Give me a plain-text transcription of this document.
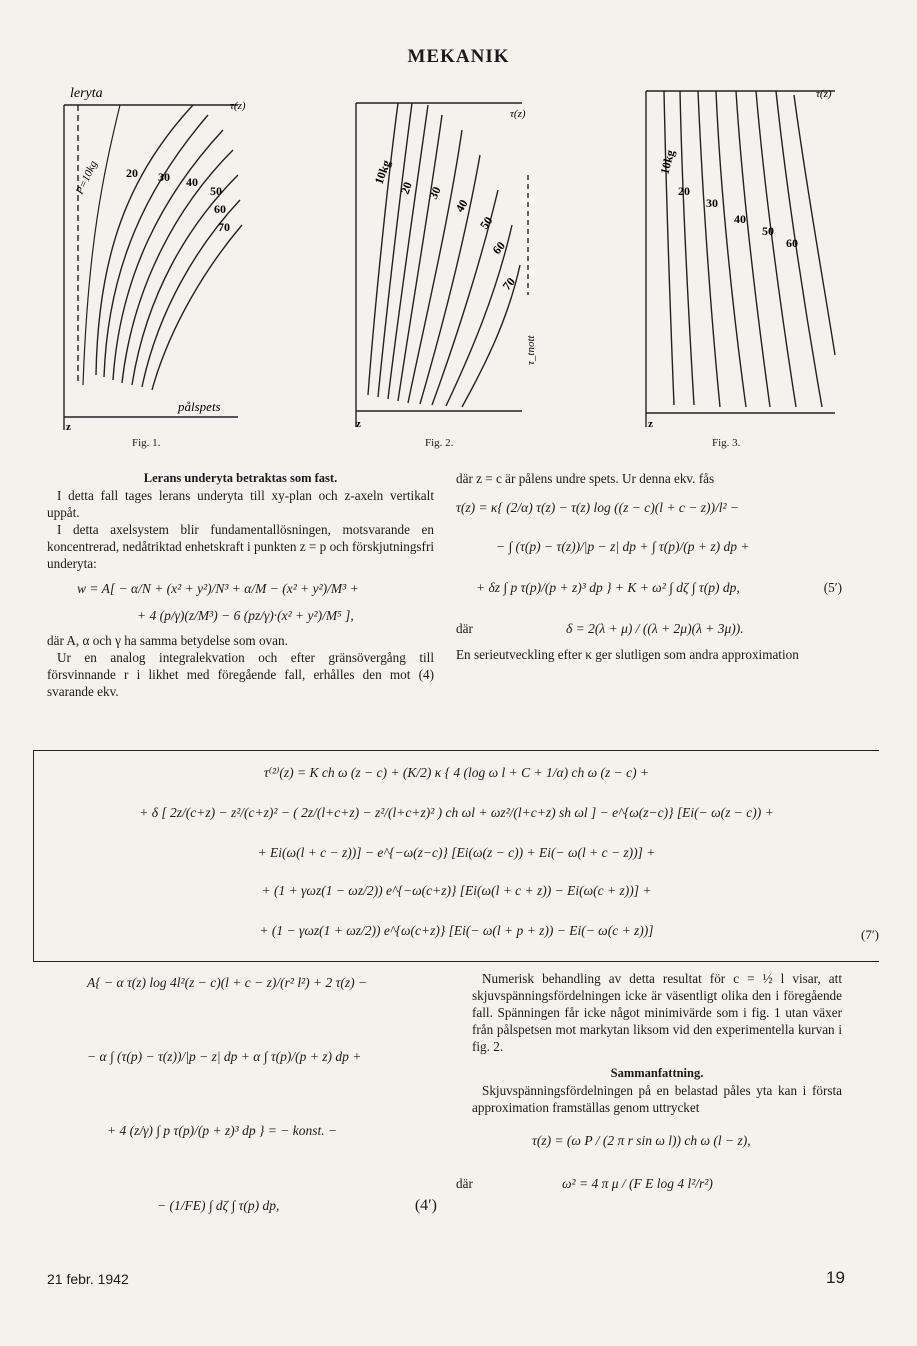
MEKANIK
leryta
τ(z)
P=10kg 20 30 40
50
60
70
pålspets
z
Fig. 1.
τ(z)
10kg
20 30
40
50
60
70
τ_tnott
z
Fig. 2.
τ(z)
10kg
20
30
40
50
60
z
Fig. 3.

Lerans underyta betraktas som fast.

I detta fall tages lerans underyta till xy-plan och z-axeln vertikalt uppåt.

I detta axelsystem blir fundamentallösningen, motsvarande en koncentrerad, nedåtriktad enhetskraft i punkten z = p och förskjutningsfri underyta:

w = A[ − α/N + (x² + y²)/N³ + α/M − (x² + y²)/M³ +
+ 4 (p/γ)(z/M³) − 6 (pz/γ)·(x² + y²)/M⁵ ],

där A, α och γ ha samma betydelse som ovan.

Ur en analog integralekvation och efter gränsövergång till försvinnande r i likhet med föregående fall, erhålles den mot (4) svarande ekv.

där z = c är pålens undre spets. Ur denna ekv. fås

τ(z) = κ{ (2/α) τ(z) − τ(z) log ((z − c)(l + c − z))/l² −
− ∫ (τ(p) − τ(z))/|p − z| dp + ∫ τ(p)/(p + z) dp +
+ δz ∫ p τ(p)/(p + z)³ dp } + K + ω² ∫ dζ ∫ τ(p) dp,	(5′)
där	δ = 2(λ + μ) / ((λ + 2μ)(λ + 3μ)).

En serieutveckling efter κ ger slutligen som andra approximation

τ⁽²⁾(z) = K ch ω (z − c) + (K/2) κ { 4 (log ω l + C + 1/α) ch ω (z − c) +
+ δ [ 2z/(c+z) − z²/(c+z)² − ( 2z/(l+c+z) − z²/(l+c+z)² ) ch ωl + ωz²/(l+c+z) sh ωl ] − e^{ω(z−c)} [Ei(− ω(z − c)) +
+ Ei(ω(l + c − z))] − e^{−ω(z−c)} [Ei(ω(z − c)) + Ei(− ω(l + c − z))] +
+ (1 + γωz(1 − ωz/2)) e^{−ω(c+z)} [Ei(ω(l + c + z)) − Ei(ω(c + z))] +
+ (1 − γωz(1 + ωz/2)) e^{ω(c+z)} [Ei(− ω(l + p + z)) − Ei(− ω(c + z))]	(7′)
A{ − α τ(z) log 4l²(z − c)(l + c − z)/(r² l²) + 2 τ(z) −
− α ∫ (τ(p) − τ(z))/|p − z| dp + α ∫ τ(p)/(p + z) dp +
+ 4 (z/γ) ∫ p τ(p)/(p + z)³ dp } = − konst. −
− (1/FE) ∫ dζ ∫ τ(p) dp,	(4′)

Numerisk behandling av detta resultat för c = ½ l visar, att skjuvspänningsfördelningen icke är väsentligt olika den i föregående fall. Spänningen får icke något minimivärde som i fig. 1 utan växer från pålspetsen mot markytan liksom vid den experimentella kurvan i fig. 2.

Sammanfattning.

Skjuvspänningsfördelningen på en belastad påles yta kan i första approximation framställas genom uttrycket

τ(z) = (ω P / (2 π r sin ω l)) ch ω (l − z),
där	ω² = 4 π μ / (F E log 4 l²/r²)
21 febr. 1942	19
